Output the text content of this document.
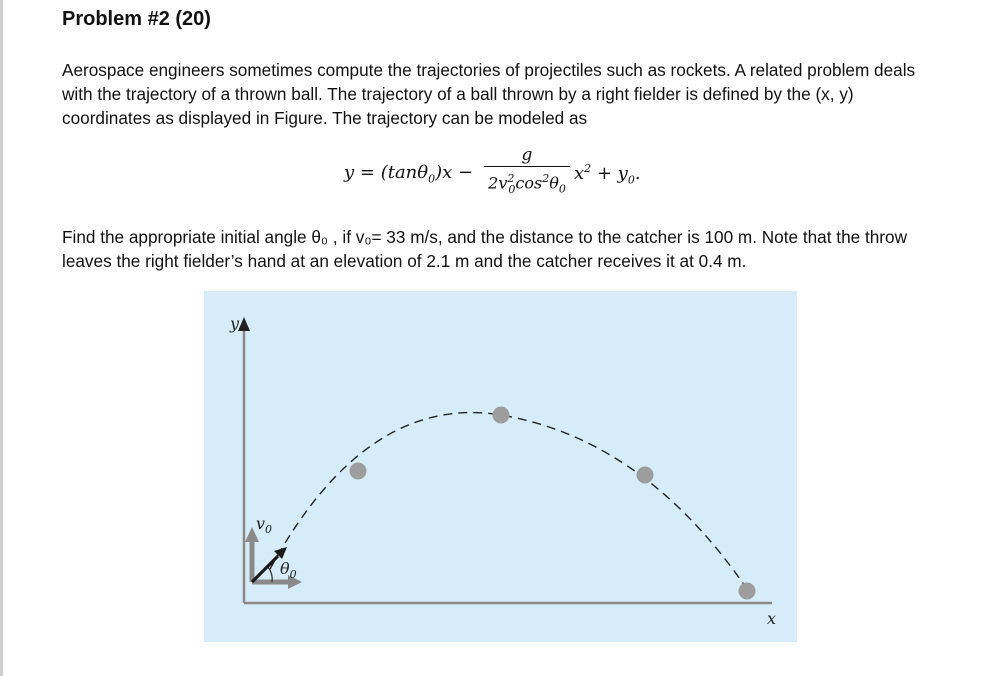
Problem #2 (20)

Aerospace engineers sometimes compute the trajectories of projectiles such as rockets. A related problem deals with the trajectory of a thrown ball. The trajectory of a ball thrown by a right fielder is defined by the (x, y) coordinates as displayed in Figure. The trajectory can be modeled as

y = (tanθ$_0$)x −
g
$2v^2_0\cos^2\theta_0$
$x^2 + y_0$.

Find the appropriate initial angle θ₀ , if v₀= 33 m/s, and the distance to the catcher is 100 m. Note that the throw leaves the right fielder’s hand at an elevation of 2.1 m and the catcher receives it at 0.4 m.

y
x
$v_0$
$\theta_0$
